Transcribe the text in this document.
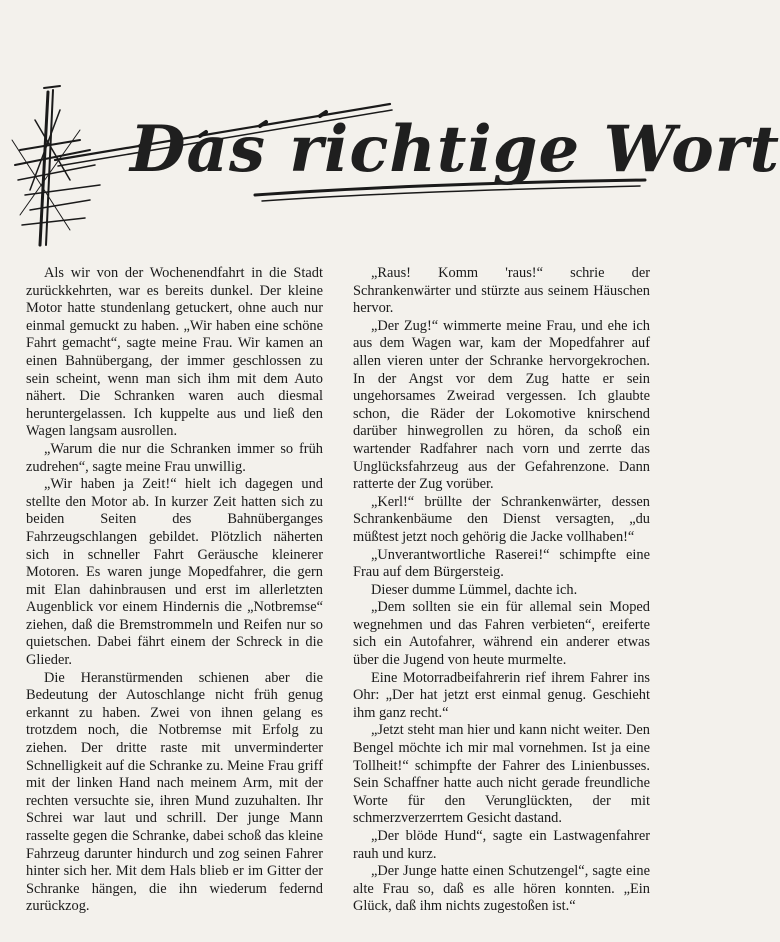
Das richtige Wort

Als wir von der Wochenendfahrt in die Stadt zurückkehrten, war es bereits dunkel. Der kleine Motor hatte stundenlang getuckert, ohne auch nur einmal gemuckt zu haben. „Wir haben eine schöne Fahrt gemacht“, sagte meine Frau. Wir kamen an einen Bahnübergang, der immer geschlossen zu sein scheint, wenn man sich ihm mit dem Auto nähert. Die Schranken waren auch diesmal heruntergelassen. Ich kuppelte aus und ließ den Wagen langsam ausrollen.

„Warum die nur die Schranken immer so früh zudrehen“, sagte meine Frau unwillig.

„Wir haben ja Zeit!“ hielt ich dagegen und stellte den Motor ab. In kurzer Zeit hatten sich zu beiden Seiten des Bahnüberganges Fahrzeugschlangen gebildet. Plötzlich näherten sich in schneller Fahrt Geräusche kleinerer Motoren. Es waren junge Mopedfahrer, die gern mit Elan dahinbrausen und erst im allerletzten Augenblick vor einem Hindernis die „Notbremse“ ziehen, daß die Bremstrommeln und Reifen nur so quietschen. Dabei fährt einem der Schreck in die Glieder.

Die Heranstürmenden schienen aber die Bedeutung der Autoschlange nicht früh genug erkannt zu haben. Zwei von ihnen gelang es trotzdem noch, die Notbremse mit Erfolg zu ziehen. Der dritte raste mit unverminderter Schnelligkeit auf die Schranke zu. Meine Frau griff mit der linken Hand nach meinem Arm, mit der rechten versuchte sie, ihren Mund zuzuhalten. Ihr Schrei war laut und schrill. Der junge Mann rasselte gegen die Schranke, dabei schoß das kleine Fahrzeug darunter hindurch und zog seinen Fahrer hinter sich her. Mit dem Hals blieb er im Gitter der Schranke hängen, die ihn wiederum federnd zurückzog.

„Raus! Komm 'raus!“ schrie der Schrankenwärter und stürzte aus seinem Häuschen hervor.

„Der Zug!“ wimmerte meine Frau, und ehe ich aus dem Wagen war, kam der Mopedfahrer auf allen vieren unter der Schranke hervorgekrochen. In der Angst vor dem Zug hatte er sein ungehorsames Zweirad vergessen. Ich glaubte schon, die Räder der Lokomotive knirschend darüber hinwegrollen zu hören, da schoß ein wartender Radfahrer nach vorn und zerrte das Unglücksfahrzeug aus der Gefahrenzone. Dann ratterte der Zug vorüber.

„Kerl!“ brüllte der Schrankenwärter, dessen Schrankenbäume den Dienst versagten, „du müßtest jetzt noch gehörig die Jacke vollhaben!“

„Unverantwortliche Raserei!“ schimpfte eine Frau auf dem Bürgersteig.

Dieser dumme Lümmel, dachte ich.

„Dem sollten sie ein für allemal sein Moped wegnehmen und das Fahren verbieten“, ereiferte sich ein Autofahrer, während ein anderer etwas über die Jugend von heute murmelte.

Eine Motorradbeifahrerin rief ihrem Fahrer ins Ohr: „Der hat jetzt erst einmal genug. Geschieht ihm ganz recht.“

„Jetzt steht man hier und kann nicht weiter. Den Bengel möchte ich mir mal vornehmen. Ist ja eine Tollheit!“ schimpfte der Fahrer des Linienbusses. Sein Schaffner hatte auch nicht gerade freundliche Worte für den Verunglückten, der mit schmerzverzerrtem Gesicht dastand.

„Der blöde Hund“, sagte ein Lastwagenfahrer rauh und kurz.

„Der Junge hatte einen Schutzengel“, sagte eine alte Frau so, daß es alle hören konnten. „Ein Glück, daß ihm nichts zugestoßen ist.“
